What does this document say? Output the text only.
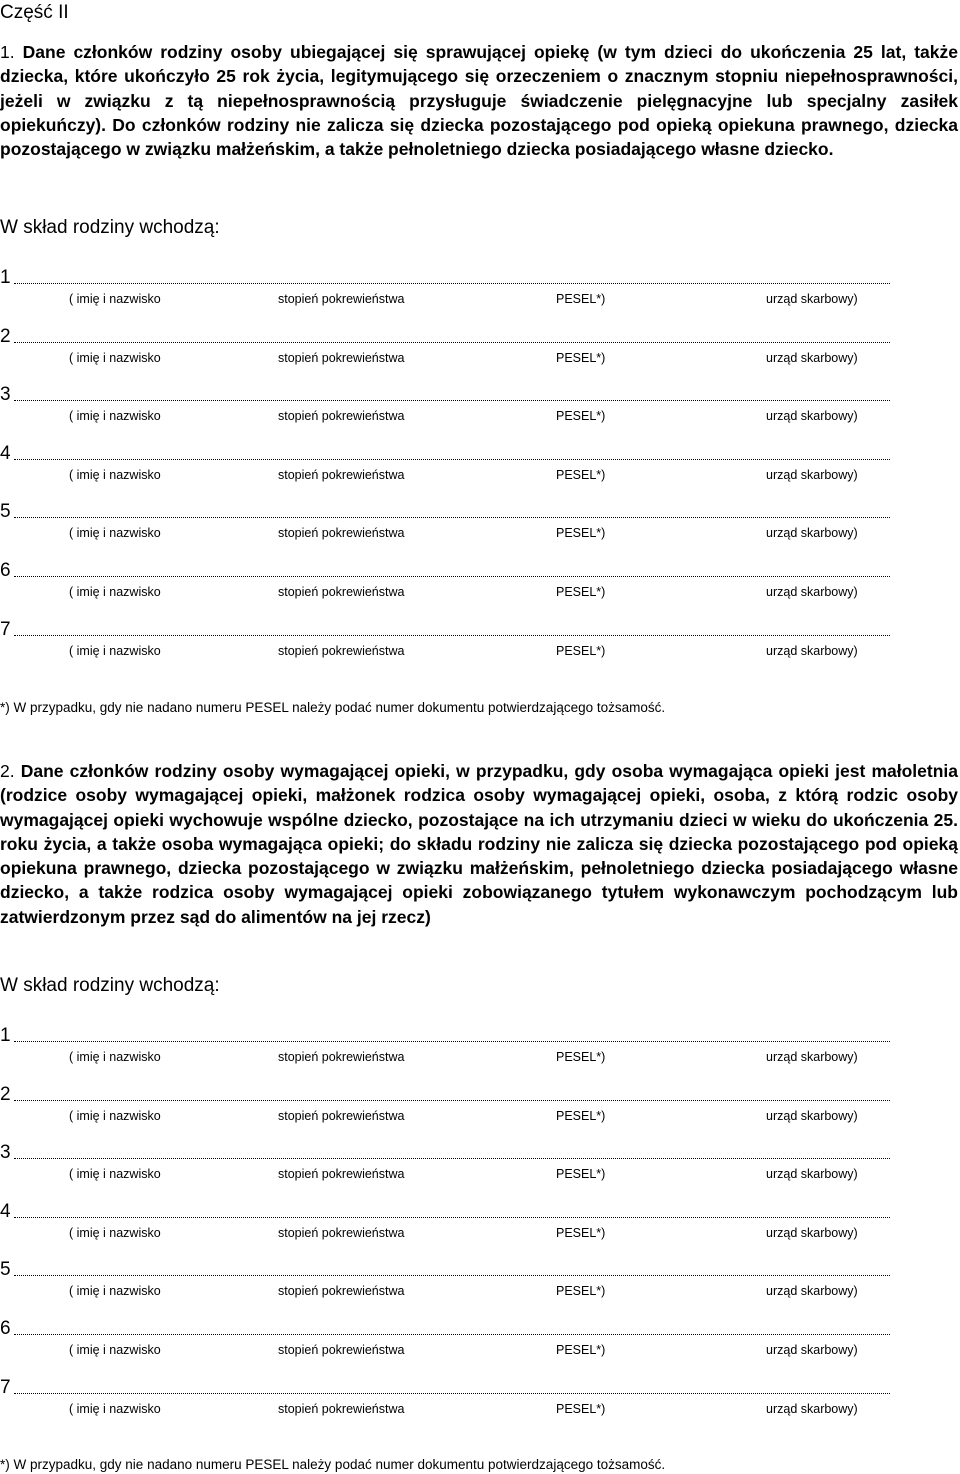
Część II

1. Dane członków rodziny osoby ubiegającej się sprawującej opiekę (w tym dzieci do ukończenia 25 lat, także dziecka, które ukończyło 25 rok życia, legitymującego się orzeczeniem o znacznym stopniu niepełnosprawności, jeżeli w związku z tą niepełnosprawnością przysługuje świadczenie pielęgnacyjne lub specjalny zasiłek opiekuńczy). Do członków rodziny nie zalicza się dziecka pozostającego pod opieką opiekuna prawnego, dziecka pozostającego w związku małżeńskim, a także pełnoletniego dziecka posiadającego własne dziecko.

W skład rodziny wchodzą:
1
( imię i nazwisko	stopień pokrewieństwa	PESEL*)	urząd skarbowy)
2
( imię i nazwisko	stopień pokrewieństwa	PESEL*)	urząd skarbowy)
3
( imię i nazwisko	stopień pokrewieństwa	PESEL*)	urząd skarbowy)
4
( imię i nazwisko	stopień pokrewieństwa	PESEL*)	urząd skarbowy)
5
( imię i nazwisko	stopień pokrewieństwa	PESEL*)	urząd skarbowy)
6
( imię i nazwisko	stopień pokrewieństwa	PESEL*)	urząd skarbowy)
7
( imię i nazwisko	stopień pokrewieństwa	PESEL*)	urząd skarbowy)
*) W przypadku, gdy nie nadano numeru PESEL należy podać numer dokumentu potwierdzającego tożsamość.

2. Dane członków rodziny osoby wymagającej opieki, w przypadku, gdy osoba wymagająca opieki jest małoletnia (rodzice osoby wymagającej opieki, małżonek rodzica osoby wymagającej opieki, osoba, z którą rodzic osoby wymagającej opieki wychowuje wspólne dziecko, pozostające na ich utrzymaniu dzieci w wieku do ukończenia 25. roku życia, a także osoba wymagająca opieki; do składu rodziny nie zalicza się dziecka pozostającego pod opieką opiekuna prawnego, dziecka pozostającego w związku małżeńskim, pełnoletniego dziecka posiadającego własne dziecko, a także rodzica osoby wymagającej opieki zobowiązanego tytułem wykonawczym pochodzącym lub zatwierdzonym przez sąd do alimentów na jej rzecz)

W skład rodziny wchodzą:
1
( imię i nazwisko	stopień pokrewieństwa	PESEL*)	urząd skarbowy)
2
( imię i nazwisko	stopień pokrewieństwa	PESEL*)	urząd skarbowy)
3
( imię i nazwisko	stopień pokrewieństwa	PESEL*)	urząd skarbowy)
4
( imię i nazwisko	stopień pokrewieństwa	PESEL*)	urząd skarbowy)
5
( imię i nazwisko	stopień pokrewieństwa	PESEL*)	urząd skarbowy)
6
( imię i nazwisko	stopień pokrewieństwa	PESEL*)	urząd skarbowy)
7
( imię i nazwisko	stopień pokrewieństwa	PESEL*)	urząd skarbowy)
*) W przypadku, gdy nie nadano numeru PESEL należy podać numer dokumentu potwierdzającego tożsamość.
